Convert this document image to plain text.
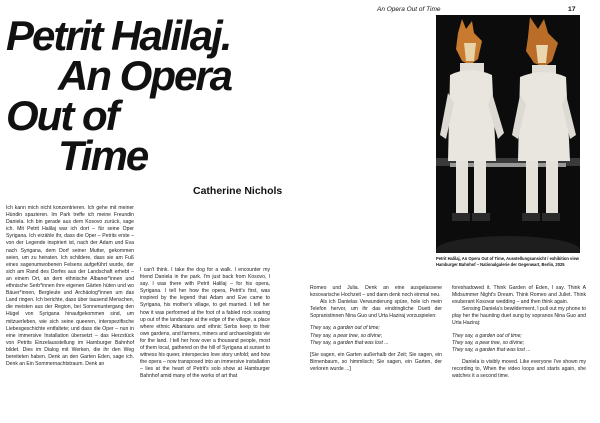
An Opera Out of Time	17
Petrit Halilaj.
An Opera
Out of
Time
Catherine Nichols

Ich kann mich nicht konzentrieren. Ich gehe mit meiner Hündin spazieren. Im Park treffe ich meine Freundin Daniela. Ich bin gerade aus dem Kosovo zurück, sage ich. Mit Petrit Halilaj war ich dort – für seine Oper Syrigana. Ich erzähle ihr, dass die Oper – Petrits erste – von der Legende inspiriert ist, nach der Adam und Eva nach Syrigana, dem Dorf seiner Mutter, gekommen seien, um zu heiraten. Ich schildere, dass sie am Fuß eines sagenumwobenen Felsens aufgeführt wurde, der sich am Rand des Dorfes aus der Landschaft erhebt – an einem Ort, an dem ethnische Albaner*innen und ethnische Serb*innen ihre eigenen Gärten hüten und wo Bäuer*innen, Bergleute und Archäolog*innen um das Land ringen. Ich berichte, dass über tausend Menschen, die meisten aus der Region, bei Sonnenuntergang den Hügel von Syrigana hinaufgekommen sind, um mitzuerleben, wie sich seine queeren, interspezifische Liebesgeschichte entfaltete; und dass die Oper – nun in eine immersive Installation übersetzt – das Herzstück von Petrits Einzelausstellung im Hamburger Bahnhof bildet. Dies im Dialog mit Werken, die ihr den Weg bereiteten haben. Denk an den Garten Eden, sage ich. Denk an Ein Sommernachtstraum. Denk an

I can't think. I take the dog for a walk. I encounter my friend Daniela in the park. I'm just back from Kosovo, I say. I was there with Petrit Halilaj – for his opera, Syrigana. I tell her how the opera, Petrit's first, was inspired by the legend that Adam and Eve came to Syrigana, his mother's village, to get married. I tell her how it was performed at the foot of a fabled rock soaring up out of the landscape at the edge of the village, a place where ethnic Albanians and ethnic Serbs keep to their own gardens, and farmers, miners and archaeologists vie for the land. I tell her how over a thousand people, most of them local, gathered on the hill of Syrigana at sunset to witness his queer, interspecies love story unfold; and how the opera – now transposed into an immersive installation – lies at the heart of Petrit's solo show at Hamburger Bahnhof amid many of the works of art that

Petrit Halilaj, An Opera Out of Time, Ausstellungsansicht / exhibition view Hamburger Bahnhof – Nationalgalerie der Gegenwart, Berlin, 2025

Romeo und Julia. Denk an eine ausgelassene kosovarische Hochzeit – und dann denk noch einmal neu.

Als ich Danielas Verwunderung spüre, hole ich mein Telefon hervor, um ihr das eindringliche Duett der Sopranistinnen Nina Guo und Urta Haziraj vorzuspielen:

They say, a garden out of time;

They say, a pear tree, so divine;

They say, a garden that was lost ...

[Sie sagen, ein Garten außerhalb der Zeit; Sie sagen, ein Birnenbaum, so himmlisch; Sie sagen, ein Garten, der verloren wurde ...]

foreshadowed it. Think Garden of Eden, I say. Think A Midsummer Night's Dream. Think Romeo and Juliet. Think exuberant Kosovar wedding – and then think again.

Sensing Daniela's bewilderment, I pull out my phone to play her the haunting duet sung by sopranos Nina Guo and Urta Haziraj:

They say, a garden out of time;

They say, a pear tree, so divine;

They say, a garden that was lost ...

Daniela is visibly moved. Like everyone I've shown my recording to, When the video loops and starts again, she watches it a second time.
